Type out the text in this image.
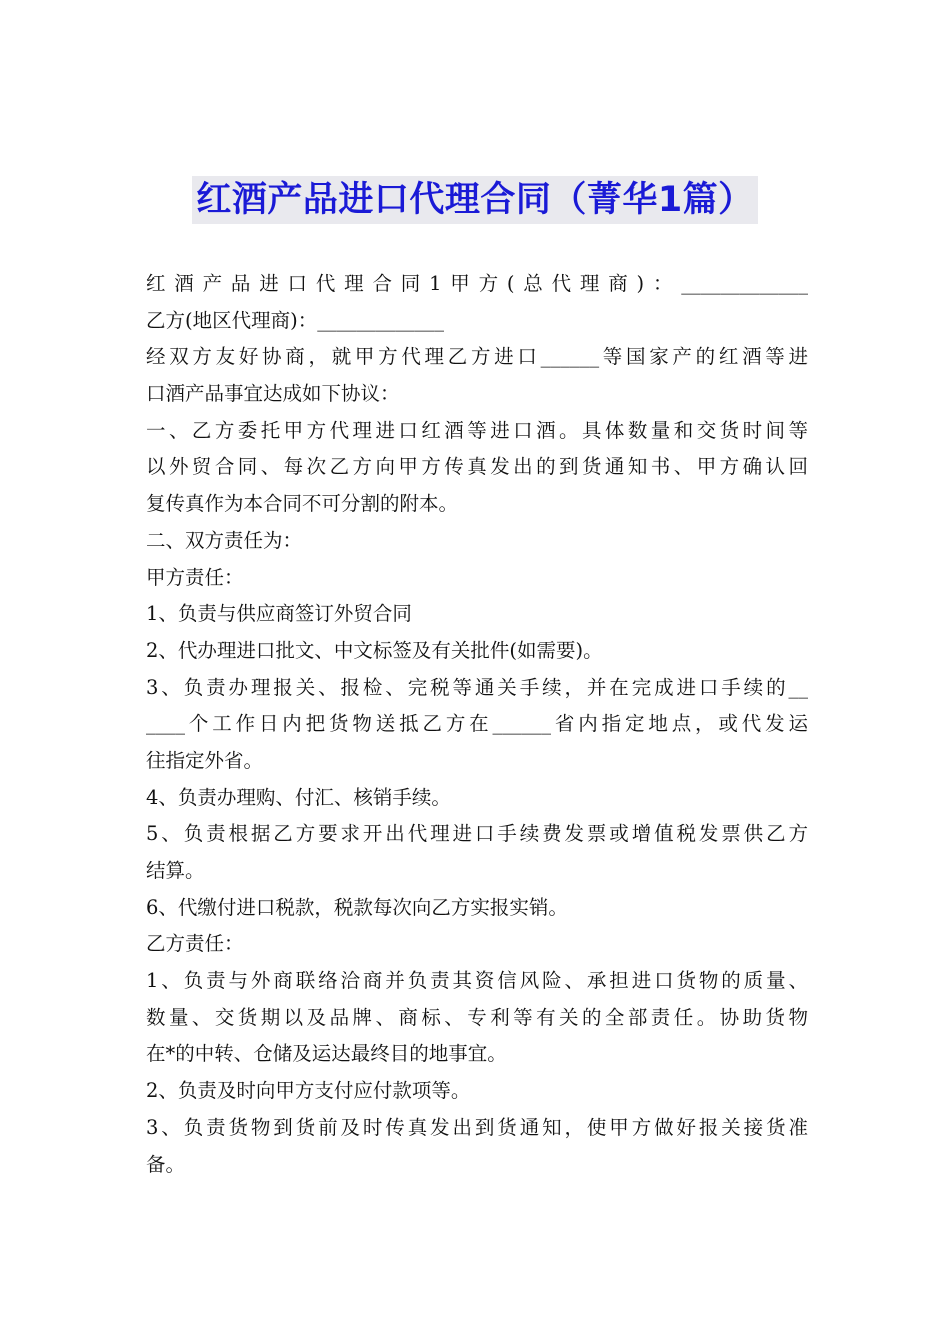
红酒产品进口代理合同（菁华1篇）
红酒产品进口代理合同1甲方(总代理商)：_____________
乙方(地区代理商)：_____________
经双方友好协商，就甲方代理乙方进口______等国家产的红酒等进
口酒产品事宜达成如下协议：
一、乙方委托甲方代理进口红酒等进口酒。具体数量和交货时间等
以外贸合同、每次乙方向甲方传真发出的到货通知书、甲方确认回
复传真作为本合同不可分割的附本。
二、双方责任为：
甲方责任：
1、负责与供应商签订外贸合同
2、代办理进口批文、中文标签及有关批件(如需要)。
3、负责办理报关、报检、完税等通关手续，并在完成进口手续的__
____个工作日内把货物送抵乙方在______省内指定地点，或代发运
往指定外省。
4、负责办理购、付汇、核销手续。
5、负责根据乙方要求开出代理进口手续费发票或增值税发票供乙方
结算。
6、代缴付进口税款，税款每次向乙方实报实销。
乙方责任：
1、负责与外商联络洽商并负责其资信风险、承担进口货物的质量、
数量、交货期以及品牌、商标、专利等有关的全部责任。协助货物
在*的中转、仓储及运达最终目的地事宜。
2、负责及时向甲方支付应付款项等。
3、负责货物到货前及时传真发出到货通知，使甲方做好报关接货准
备。
